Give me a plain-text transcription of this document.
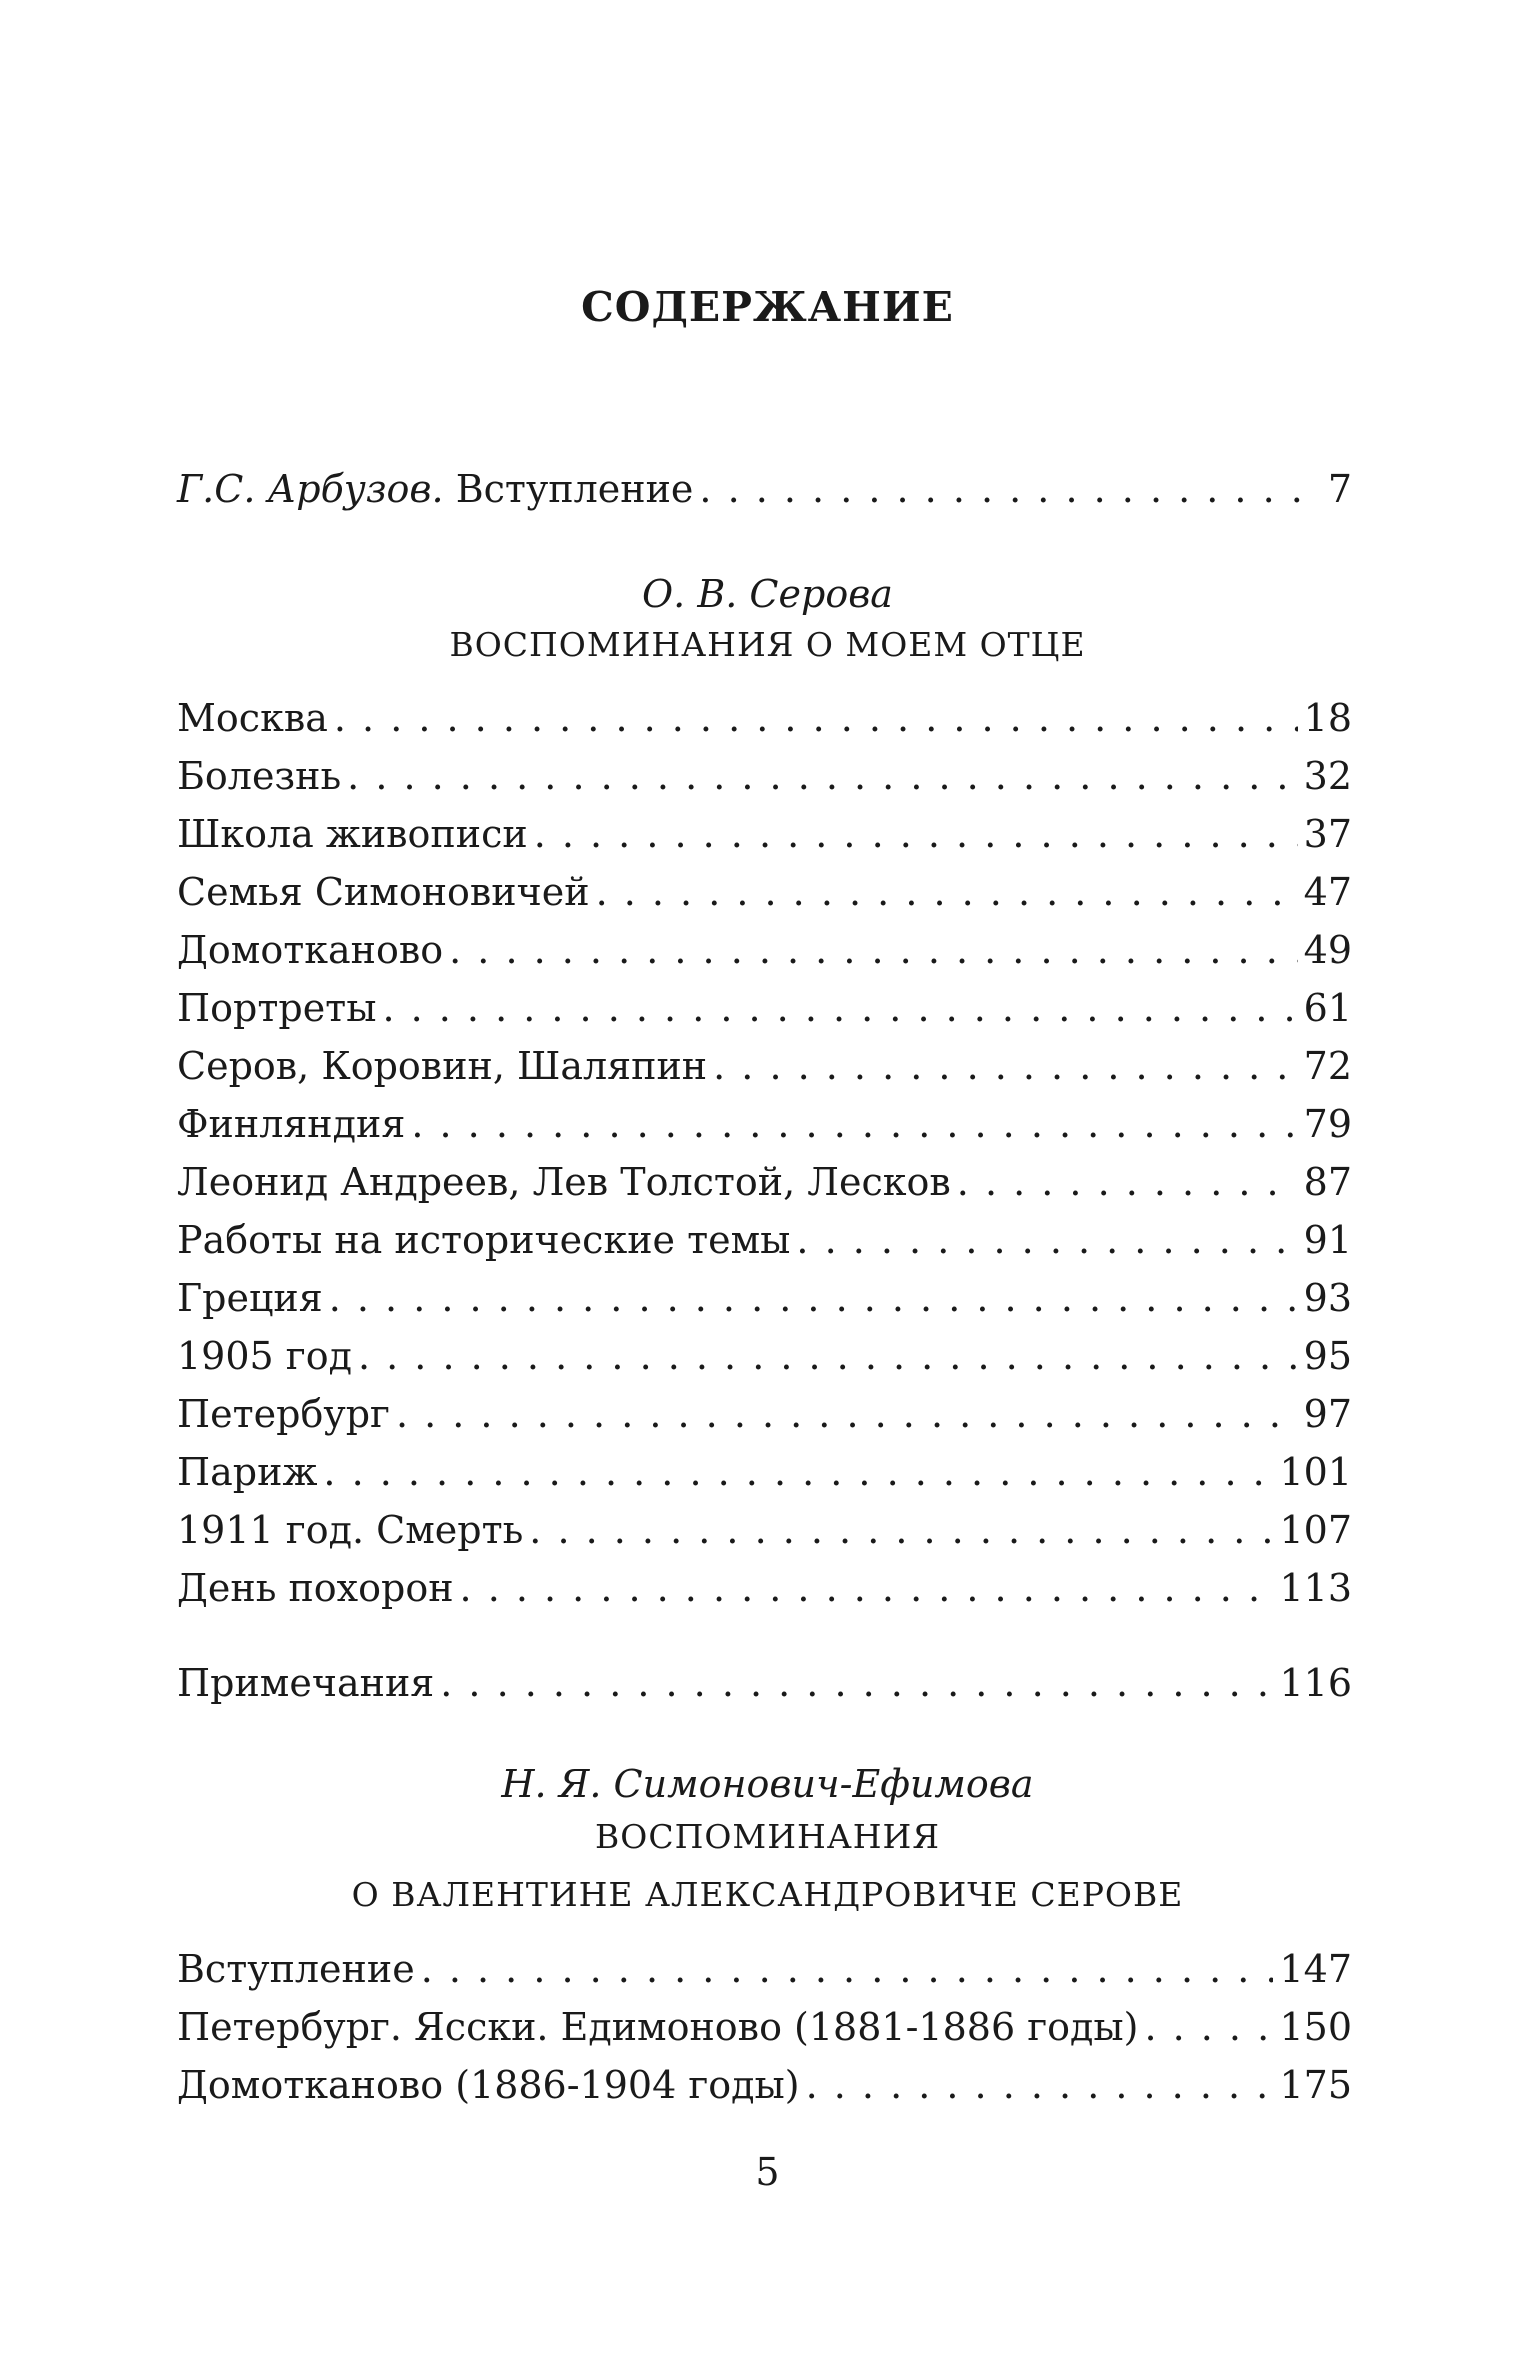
СОДЕРЖАНИЕ
Г.С. Арбузов. Вступление . . .	7
О. В. Серова
ВОСПОМИНАНИЯ О МОЕМ ОТЦЕ
Москва . . .	18
Болезнь . . .	32
Школа живописи . . .	37
Семья Симоновичей . . .	47
Домотканово . . .	49
Портреты . . .	61
Серов, Коровин, Шаляпин . . .	72
Финляндия . . .	79
Леонид Андреев, Лев Толстой, Лесков . . .	87
Работы на исторические темы . . .	91
Греция . . .	93
1905 год . . .	95
Петербург . . .	97
Париж . . .	101
1911 год. Смерть . . .	107
День похорон . . .	113
Примечания . . .	116
Н. Я. Симонович-Ефимова
ВОСПОМИНАНИЯ
О ВАЛЕНТИНЕ АЛЕКСАНДРОВИЧЕ СЕРОВЕ
Вступление . . .	147
Петербург. Ясски. Едимоново (1881-1886 годы) . . .	150
Домотканово (1886-1904 годы) . . .	175
5
